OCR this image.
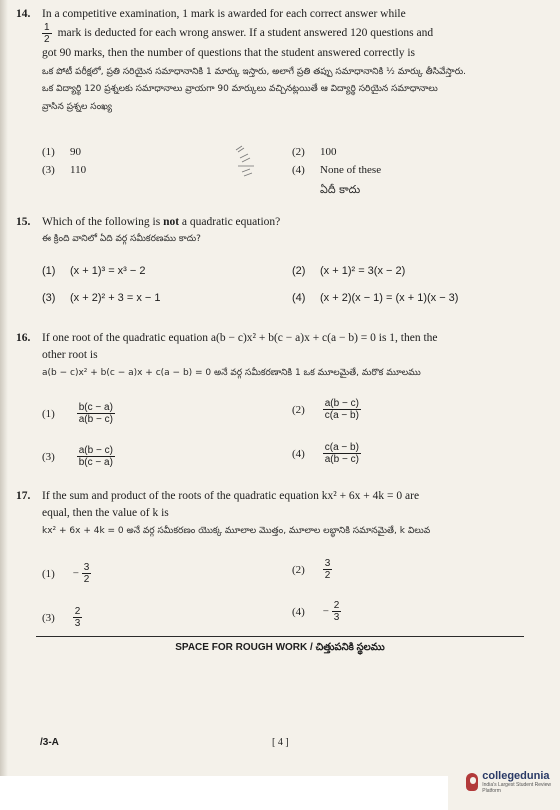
14. In a competitive examination, 1 mark is awarded for each correct answer while
$\frac{1}{2}$ mark is deducted for each wrong answer. If a student answered 120 questions and
got 90 marks, then the number of questions that the student answered correctly is
ఒక పోటీ పరీక్షలో, ప్రతి సరియైన సమాధానానికి 1 మార్కు ఇస్తారు, అలాగే ప్రతి తప్పు సమాధానానికి ½ మార్కు తీసివేస్తారు.
ఒక విద్యార్థి 120 ప్రశ్నలకు సమాధానాలు వ్రాయగా 90 మార్కులు వచ్చినట్లయితే ఆ విద్యార్థి సరియైన సమాధానాలు
వ్రాసిన ప్రశ్నల సంఖ్య
(1) 90	(2) 100
(3) 110	(4) None of these
ఏదీ కాదు
15. Which of the following is not a quadratic equation?
ఈ క్రింది వానిలో ఏది వర్గ సమీకరణము కాదు?
(1) (x + 1)³ = x³ − 2	(2) (x + 1)² = 3(x − 2)
(3) (x + 2)² + 3 = x − 1	(4) (x + 2)(x − 1) = (x + 1)(x − 3)
16. If one root of the quadratic equation a(b − c)x² + b(c − a)x + c(a − b) = 0 is 1, then the
other root is
a(b − c)x² + b(c − a)x + c(a − b) = 0 అనే వర్గ సమీకరణానికి 1 ఒక మూలమైతే, మరొక మూలము
$(1) \frac{b(c - a)}{a(b - c)}$	$(2) \frac{a(b - c)}{c(a - b)}$
$(3) \frac{a(b - c)}{b(c - a)}$	$(4) \frac{c(a - b)}{a(b - c)}$
17. If the sum and product of the roots of the quadratic equation kx² + 6x + 4k = 0 are
equal, then the value of k is
kx² + 6x + 4k = 0 అనే వర్గ సమీకరణం యొక్క మూలాల మొత్తం, మూలాల లబ్ధానికి సమానమైతే, k విలువ
$(1) - \frac{3}{2}$	$(2) \frac{3}{2}$
$(3) \frac{2}{3}$	$(4) - \frac{2}{3}$
SPACE FOR ROUGH WORK / చిత్తుపనికి స్థలము
/3-A	[ 4 ]
collegedunia
India's Largest Student Review Platform
